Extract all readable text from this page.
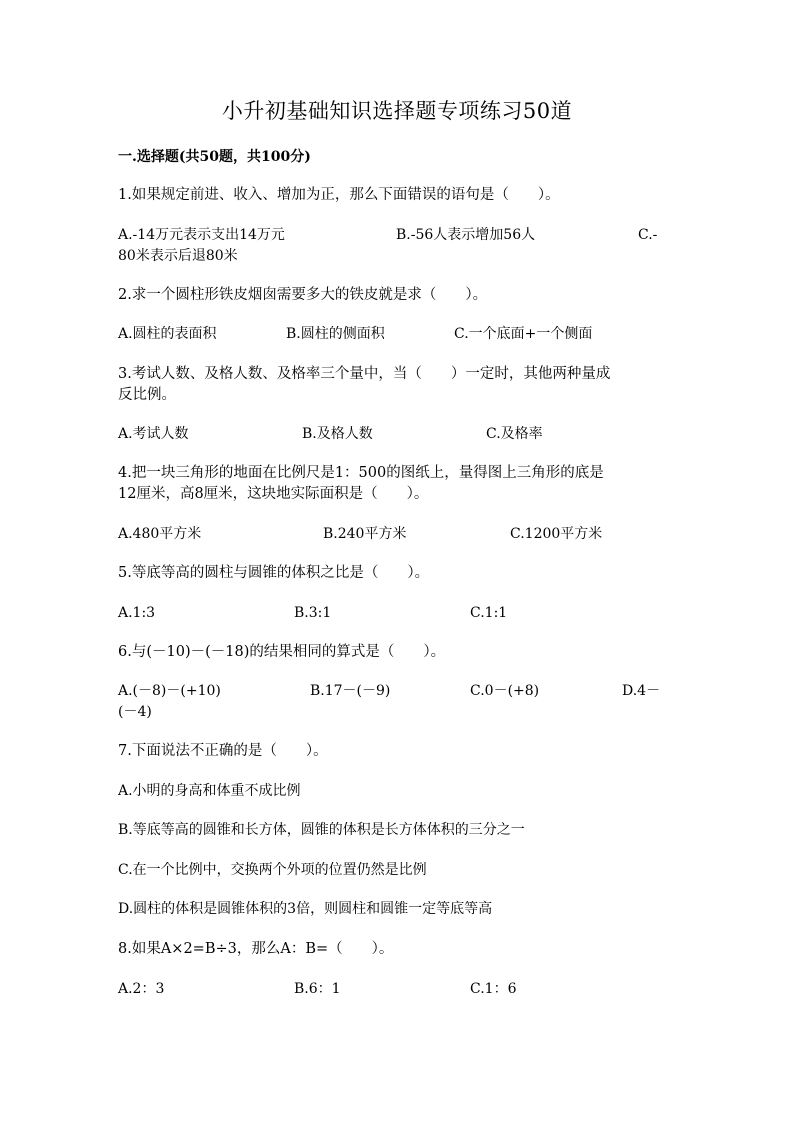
小升初基础知识选择题专项练习50道
一.选择题(共50题，共100分)
1.如果规定前进、收入、增加为正，那么下面错误的语句是（　　）。
A.-14万元表示支出14万元	B.-56人表示增加56人	C.-
80米表示后退80米
2.求一个圆柱形铁皮烟囱需要多大的铁皮就是求（　　）。
A.圆柱的表面积	B.圆柱的侧面积	C.一个底面+一个侧面
3.考试人数、及格人数、及格率三个量中，当（　　）一定时，其他两种量成
反比例。
A.考试人数	B.及格人数	C.及格率
4.把一块三角形的地面在比例尺是1：500的图纸上，量得图上三角形的底是
12厘米，高8厘米，这块地实际面积是（　　）。
A.480平方米	B.240平方米	C.1200平方米
5.等底等高的圆柱与圆锥的体积之比是（　　）。
A.1:3	B.3:1	C.1:1
6.与(－10)－(－18)的结果相同的算式是（　　）。
A.(－8)－(+10)	B.17－(－9)	C.0－(+8)	D.4－
(－4)
7.下面说法不正确的是（　　）。
A.小明的身高和体重不成比例
B.等底等高的圆锥和长方体，圆锥的体积是长方体体积的三分之一
C.在一个比例中，交换两个外项的位置仍然是比例
D.圆柱的体积是圆锥体积的3倍，则圆柱和圆锥一定等底等高
8.如果A×2=B÷3，那么A：B=（　　）。
A.2：3	B.6：1	C.1：6
